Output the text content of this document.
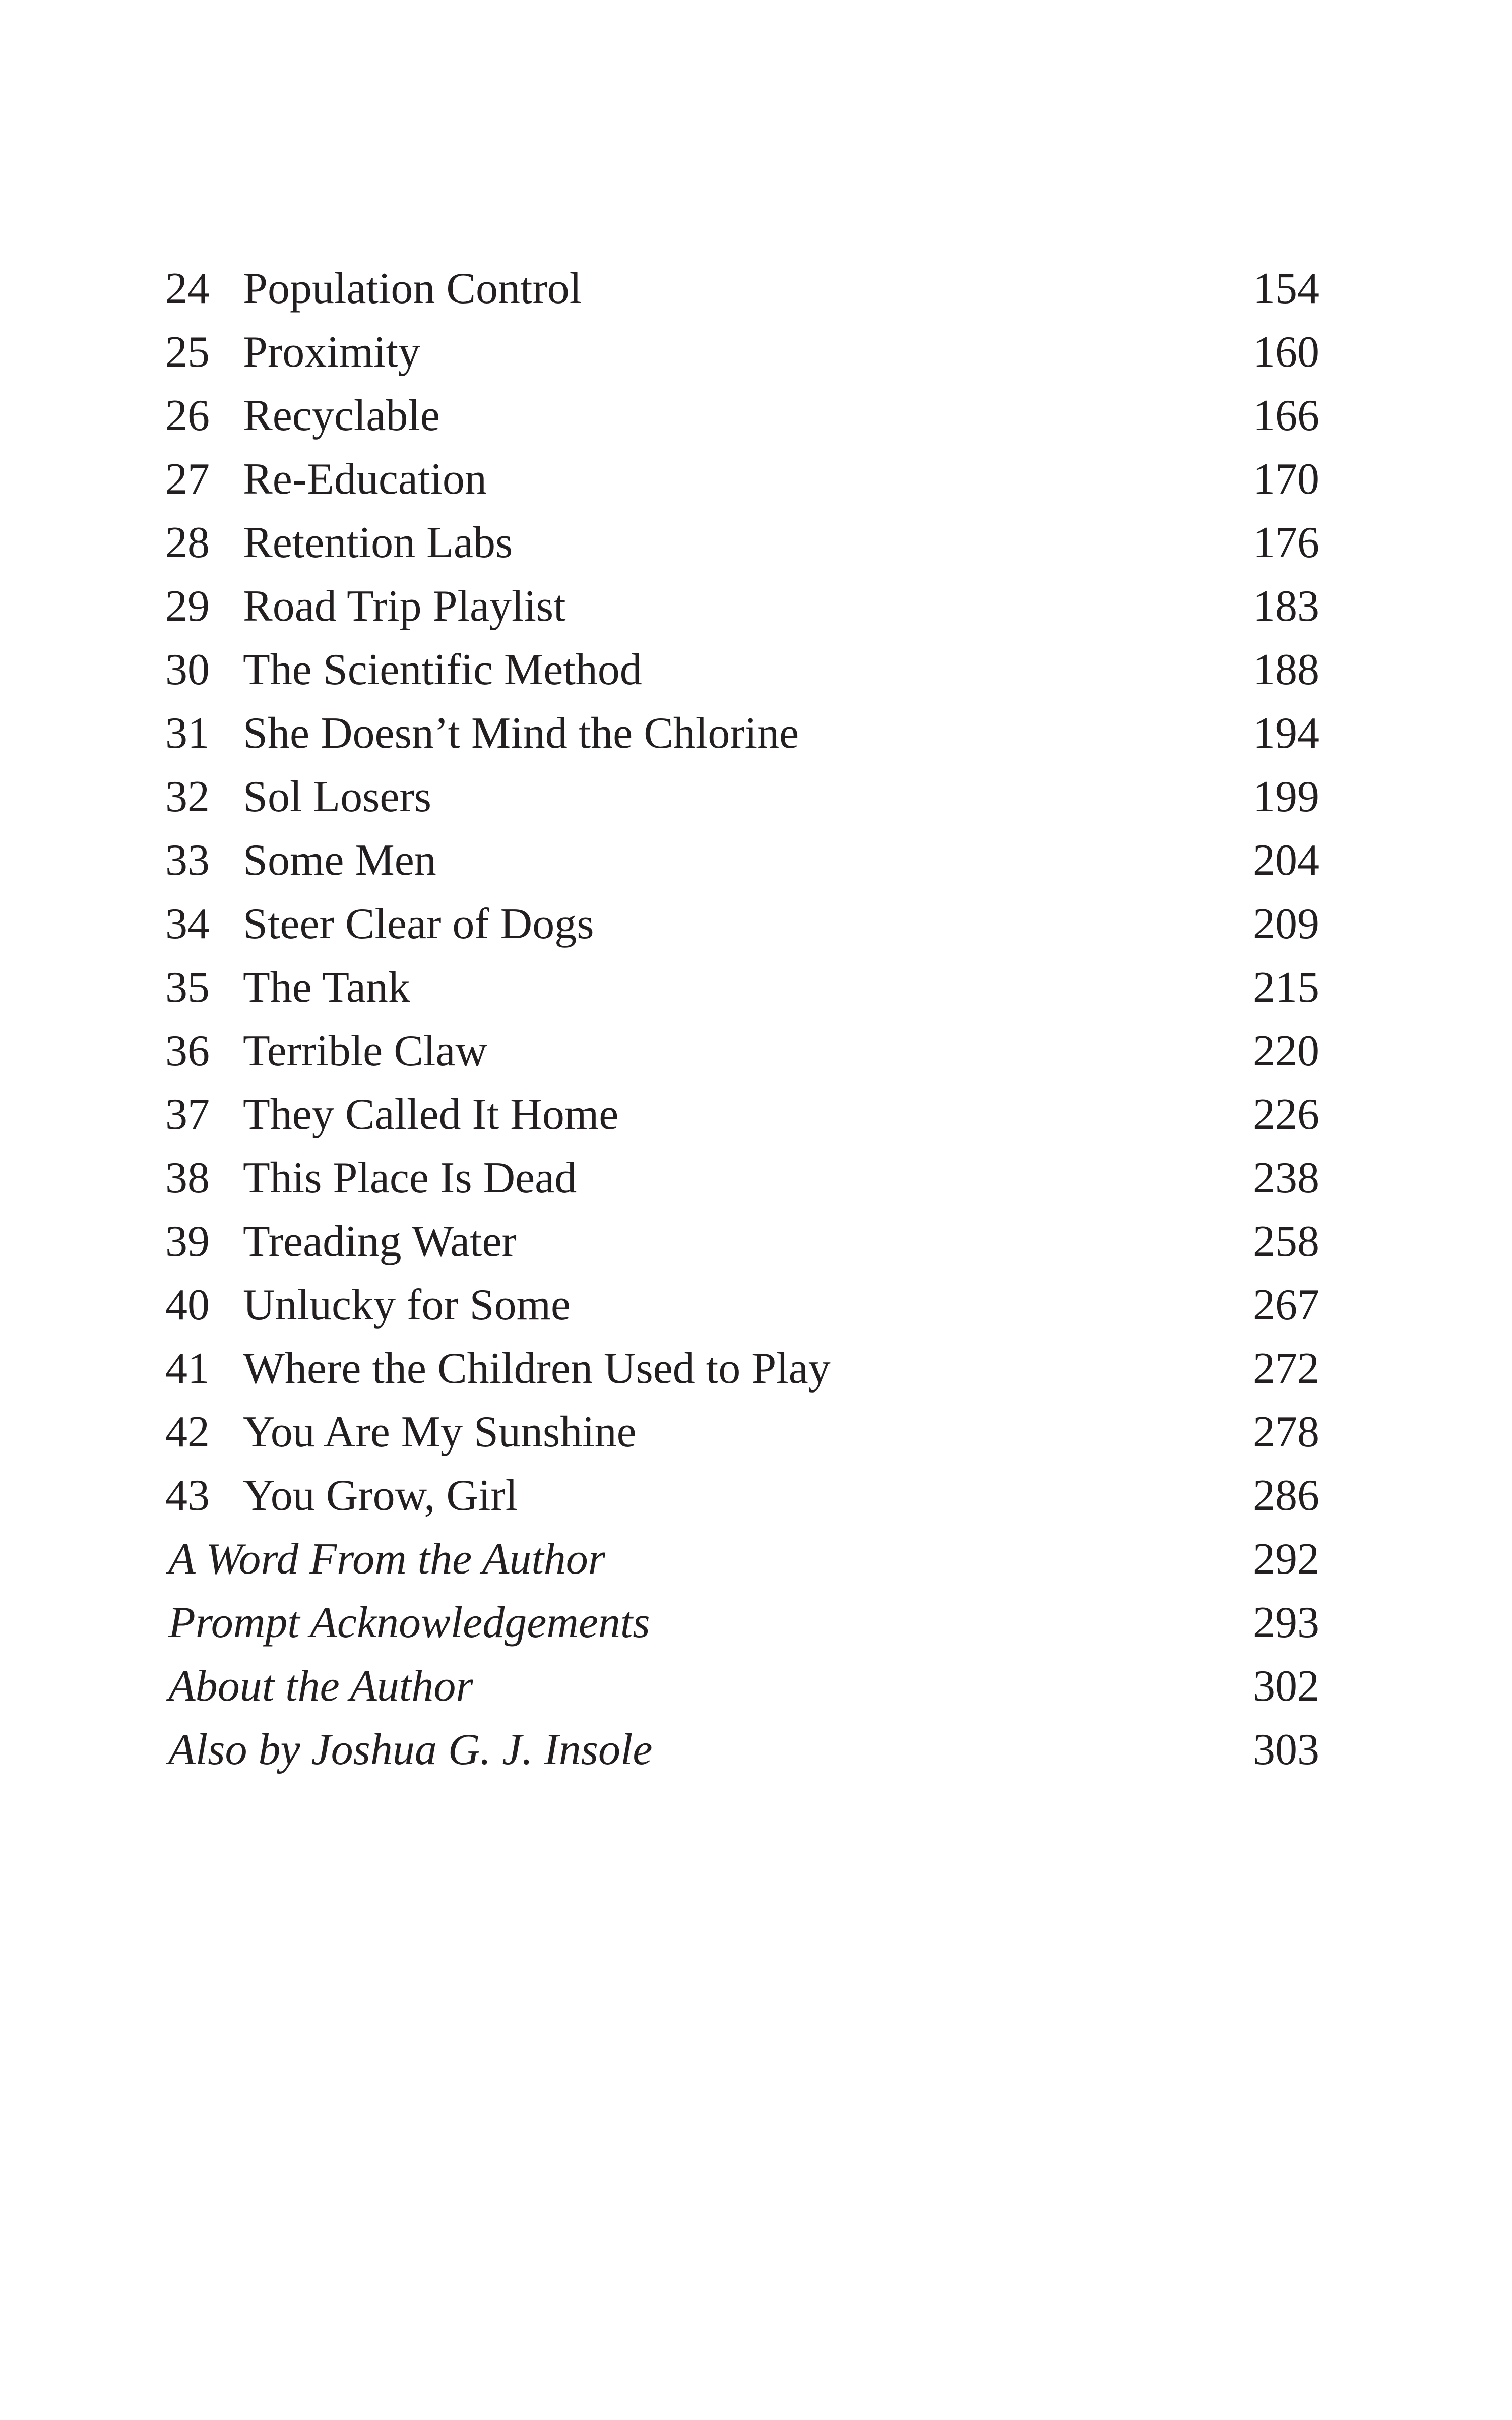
24 Population Control	154
25 Proximity	160
26 Recyclable	166
27 Re-Education	170
28 Retention Labs	176
29 Road Trip Playlist	183
30 The Scientific Method	188
31 She Doesn’t Mind the Chlorine	194
32 Sol Losers	199
33 Some Men	204
34 Steer Clear of Dogs	209
35 The Tank	215
36 Terrible Claw	220
37 They Called It Home	226
38 This Place Is Dead	238
39 Treading Water	258
40 Unlucky for Some	267
41 Where the Children Used to Play	272
42 You Are My Sunshine	278
43 You Grow, Girl	286
A Word From the Author	292
Prompt Acknowledgements	293
About the Author	302
Also by Joshua G. J. Insole	303
